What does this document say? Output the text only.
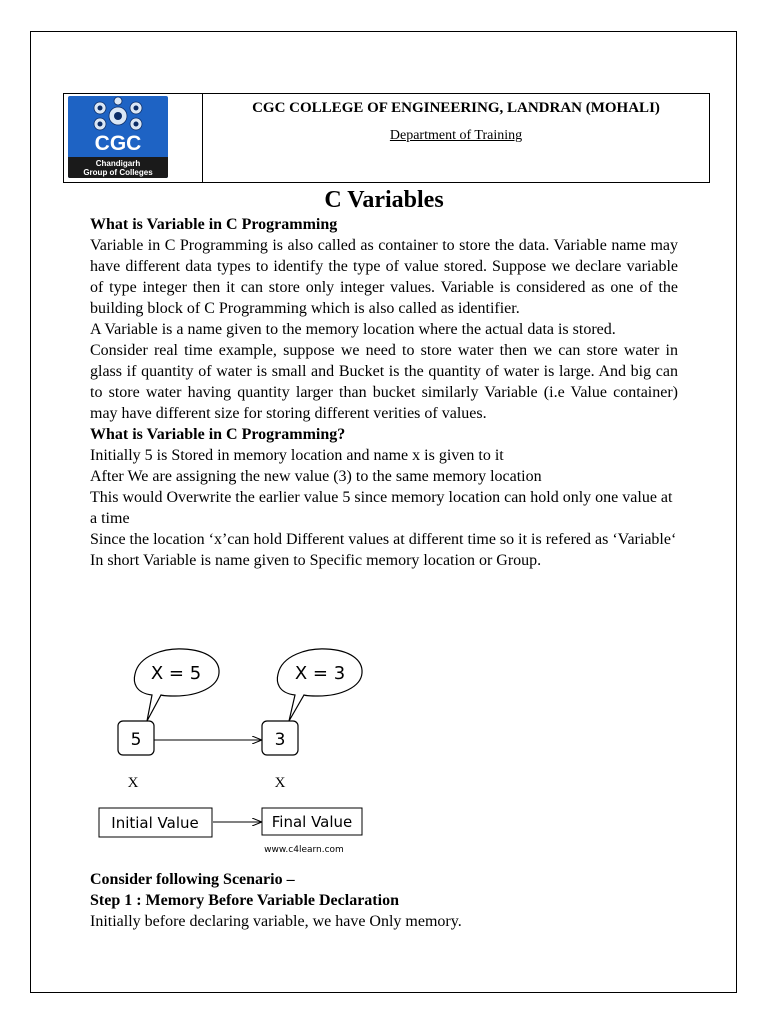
CGC
Chandigarh
Group of Colleges
CGC COLLEGE OF ENGINEERING, LANDRAN (MOHALI)
Department of Training
C Variables

What is Variable in C Programming

Variable in C Programming is also called as container to store the data. Variable name may have different data types to identify the type of value stored. Suppose we declare variable of type integer then it can store only integer values. Variable is considered as one of the building block of C Programming which is also called as identifier.

A Variable is a name given to the memory location where the actual data is stored.

Consider real time example, suppose we need to store water then we can store water in glass if quantity of water is small and Bucket is the quantity of water is large. And big can to store water having quantity larger than bucket similarly Variable (i.e Value container) may have different size for storing different verities of values.

What is Variable in C Programming?

Initially 5 is Stored in memory location and name x is given to it

After We are assigning the new value (3) to the same memory location

This would Overwrite the earlier value 5 since memory location can hold only one value at a time

Since the location ‘x’can hold Different values at different time so it is refered as ‘Variable‘

In short Variable is name given to Specific memory location or Group.

X = 5	X = 3
5	3
X	X
Initial Value	Final Value
www.c4learn.com

Consider following Scenario –

Step 1 : Memory Before Variable Declaration

Initially before declaring variable, we have Only memory.
